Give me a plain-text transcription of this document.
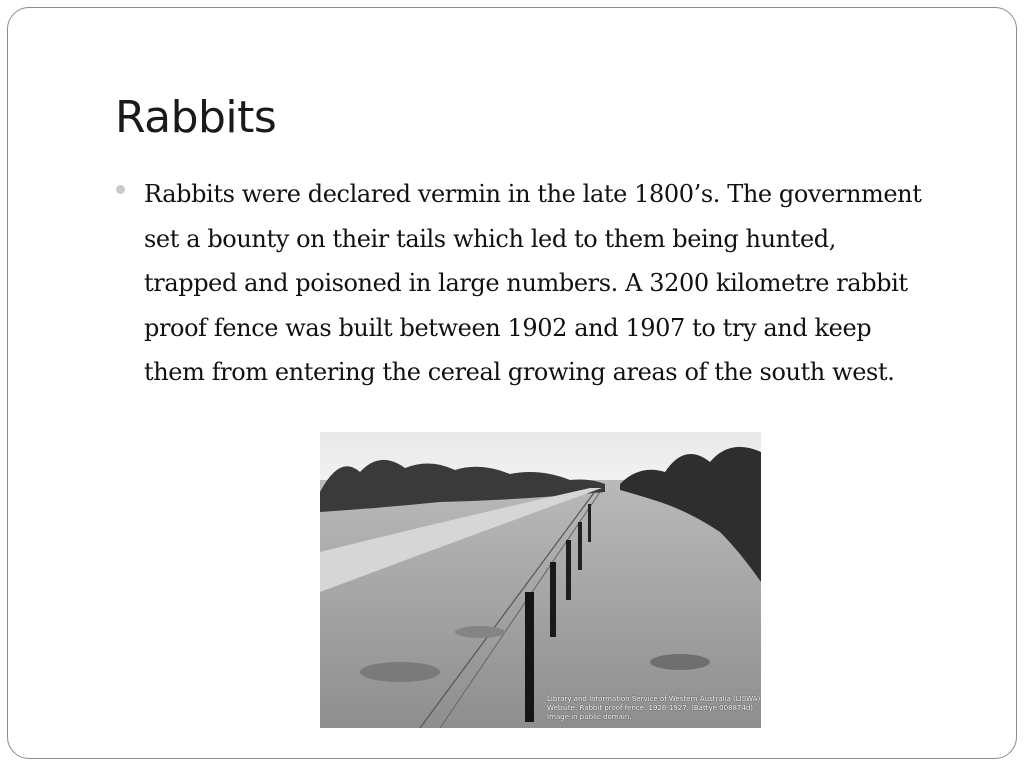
Rabbits
Rabbits were declared vermin in the late 1800’s. The government set a bounty on their tails which led to them being hunted, trapped and poisoned in large numbers. A 3200 kilometre rabbit proof fence was built between 1902 and 1907 to try and keep them from entering the cereal growing areas of the south west.
Library and Information Service of Western Australia (LISWA)
Website: Rabbit proof fence. 1926-1927. (Battye 008874d)
Image in public domain.
